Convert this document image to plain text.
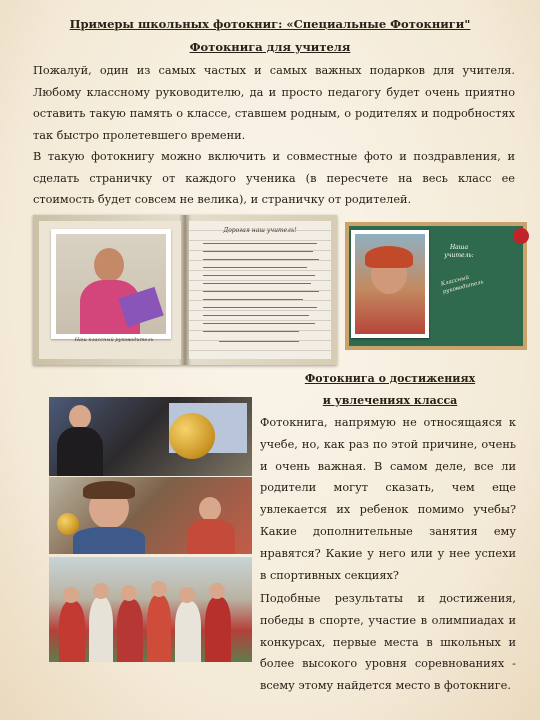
Примеры школьных фотокниг: «Специальные Фотокниги"
Фотокнига для учителя
Пожалуй, один из самых частых и самых важных подарков для учителя. Любому классному руководителю, да и просто педагогу будет очень приятно оставить такую память о классе, ставшем родным, о родителях и подробностях так быстро пролетевшего времени.
В такую фотокнигу можно включить и совместные фото и поздравления, и сделать страничку от каждого ученика (в пересчете на весь класс ее стоимость будет совсем не велика), и страничку от родителей.
Наш классный руководитель
Дорогая наш учитель!
Наша учитель:
Классный руководитель
Фотокнига о достижениях
и увлечениях класса
Фотокнига, напрямую не относящаяся к учебе, но, как раз по этой причине, очень и очень важная. В самом деле, все ли родители могут сказать, чем еще увлекается их ребенок помимо учебы? Какие дополнительные занятия ему нравятся? Какие у него или у нее успехи в спортивных секциях?
Подобные результаты и достижения, победы в спорте, участие в олимпиадах и конкурсах, первые места в школьных и более высокого уровня соревнованиях - всему этому найдется место в фотокниге.
